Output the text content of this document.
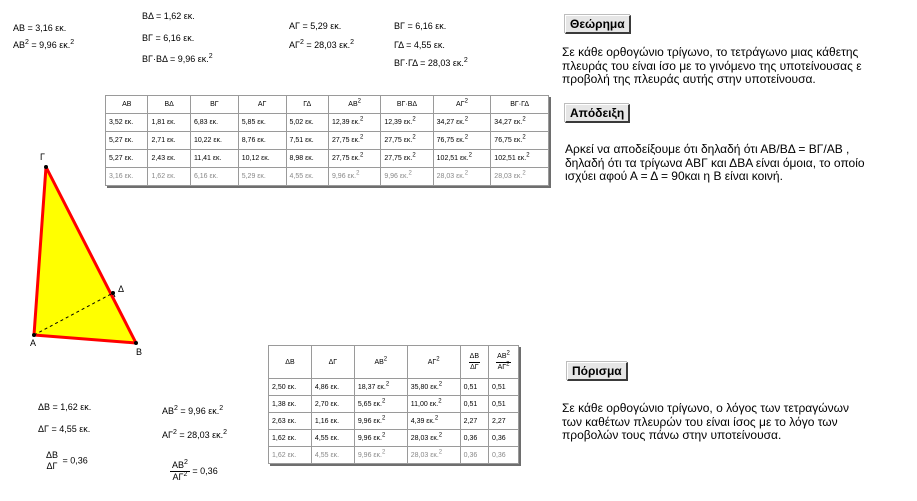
ΑΒ = 3,16 εκ.
$AB^2 = 9,96$ εκ.$^2$
ΒΔ = 1,62 εκ.
ΒΓ = 6,16 εκ.
ΒΓ·ΒΔ = 9,96 εκ.$^2$
ΑΓ = 5,29 εκ.
$A\Gamma^2 = 28,03$ εκ.$^2$
ΒΓ = 6,16 εκ.
ΓΔ = 4,55 εκ.
ΒΓ·ΓΔ = 28,03 εκ.$^2$
ΑΒ	ΒΔ	ΒΓ	ΑΓ	ΓΔ	$AB^2$	ΒΓ·ΒΔ	$A\Gamma^2$	ΒΓ·ΓΔ
3,52 εκ.	1,81 εκ.	6,83 εκ.	5,85 εκ.	5,02 εκ.	12,39 εκ.$^2$	12,39 εκ.$^2$	34,27 εκ.$^2$	34,27 εκ.$^2$
5,27 εκ.	2,71 εκ.	10,22 εκ.	8,76 εκ.	7,51 εκ.	27,75 εκ.$^2$	27,75 εκ.$^2$	76,75 εκ.$^2$	76,75 εκ.$^2$
5,27 εκ.	2,43 εκ.	11,41 εκ.	10,12 εκ.	8,98 εκ.	27,75 εκ.$^2$	27,75 εκ.$^2$	102,51 εκ.$^2$	102,51 εκ.$^2$
3,16 εκ.	1,62 εκ.	6,16 εκ.	5,29 εκ.	4,55 εκ.	9,96 εκ.$^2$	9,96 εκ.$^2$	28,03 εκ.$^2$	28,03 εκ.$^2$
Γ
Α
Β
Δ
ΔΒ = 1,62 εκ.
ΔΓ = 4,55 εκ.
ΔΒ
ΔΓ
= 0,36
$AB^2 = 9,96$ εκ.$^2$
$A\Gamma^2 = 28,03$ εκ.$^2$
$\frac{AB^2}{A\Gamma^2} = 0,36$
ΔΒ	ΔΓ	$AB^2$	$A\Gamma^2$	$\frac{\Delta B}{\Delta\Gamma}$	$\frac{AB^2}{A\Gamma^2}$

2,50 εκ.	4,86 εκ.	18,37 εκ.$^2$	35,80 εκ.$^2$	0,51	0,51
1,38 εκ.	2,70 εκ.	5,65 εκ.$^2$	11,00 εκ.$^2$	0,51	0,51
2,63 εκ.	1,16 εκ.	9,96 εκ.$^2$	4,39 εκ.$^2$	2,27	2,27
1,62 εκ.	4,55 εκ.	9,96 εκ.$^2$	28,03 εκ.$^2$	0,36	0,36
1,62 εκ.	4,55 εκ.	9,96 εκ.$^2$	28,03 εκ.$^2$	0,36	0,36
Θεώρημα
Σε κάθε ορθογώνιο τρίγωνο, το τετράγωνο μιας κάθετης
πλευράς του είναι ίσο με το γινόμενο της υποτείνουσας ε
προβολή της πλευράς αυτής στην υποτείνουσα.
Απόδειξη
Αρκεί να αποδείξουμε ότι δηλαδή ότι ΑΒ/ΒΔ = ΒΓ/ΑΒ ,
δηλαδή ότι τα τρίγωνα ΑΒΓ και ΔΒΑ είναι όμοια, το οποίο
ισχύει αφού Α = Δ = 90και η Β είναι κοινή.
Πόρισμα
Σε κάθε ορθογώνιο τρίγωνο, ο λόγος των τετραγώνων
των καθέτων πλευρών του είναι ίσος με το λόγο των
προβολών τους πάνω στην υποτείνουσα.
